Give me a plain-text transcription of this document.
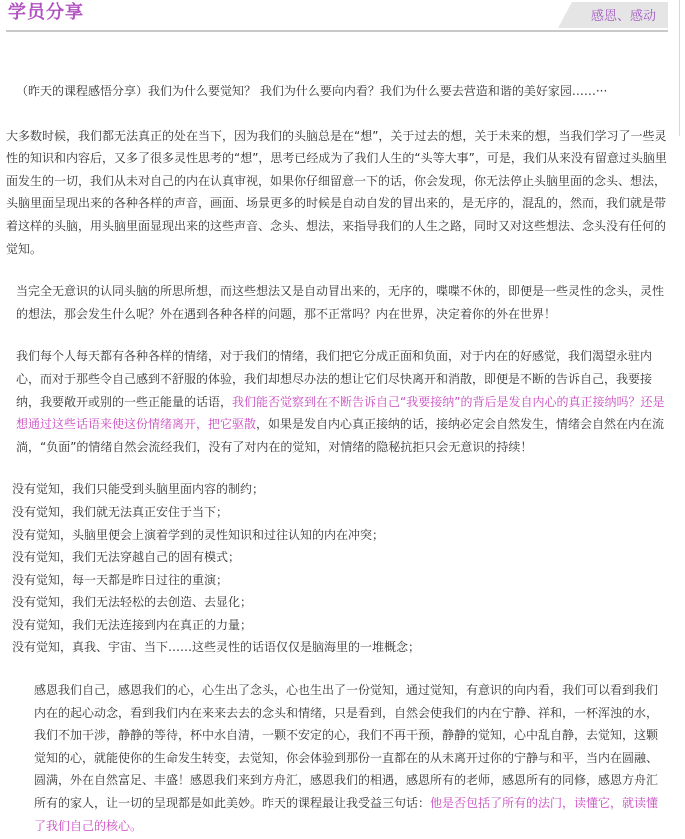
学员分享	感恩、感动

（昨天的课程感悟分享）我们为什么要觉知？ 我们为什么要向内看？我们为什么要去营造和谐的美好家园……···

大多数时候，我们都无法真正的处在当下，因为我们的头脑总是在“想”，关于过去的想，关于未来的想，当我们学习了一些灵性的知识和内容后，又多了很多灵性思考的“想”，思考已经成为了我们人生的“头等大事”，可是，我们从来没有留意过头脑里面发生的一切，我们从未对自己的内在认真审视，如果你仔细留意一下的话，你会发现，你无法停止头脑里面的念头、想法，头脑里面呈现出来的各种各样的声音，画面、场景更多的时候是自动自发的冒出来的，是无序的，混乱的，然而，我们就是带着这样的头脑，用头脑里面显现出来的这些声音、念头、想法，来指导我们的人生之路，同时又对这些想法、念头没有任何的觉知。

当完全无意识的认同头脑的所思所想，而这些想法又是自动冒出来的，无序的，喋喋不休的，即便是一些灵性的念头，灵性的想法，那会发生什么呢？外在遇到各种各样的问题，那不正常吗？内在世界，决定着你的外在世界！

我们每个人每天都有各种各样的情绪，对于我们的情绪，我们把它分成正面和负面，对于内在的好感觉，我们渴望永驻内心，而对于那些令自己感到不舒服的体验，我们却想尽办法的想让它们尽快离开和消散，即便是不断的告诉自己，我要接纳，我要敞开或别的一些正能量的话语，我们能否觉察到在不断告诉自己“我要接纳”的背后是发自内心的真正接纳吗？还是想通过这些话语来使这份情绪离开，把它驱散，如果是发自内心真正接纳的话，接纳必定会自然发生，情绪会自然在内在流淌，“负面”的情绪自然会流经我们，没有了对内在的觉知，对情绪的隐秘抗拒只会无意识的持续！

没有觉知，我们只能受到头脑里面内容的制约；

没有觉知，我们就无法真正安住于当下；

没有觉知，头脑里便会上演着学到的灵性知识和过往认知的内在冲突；

没有觉知，我们无法穿越自己的固有模式；

没有觉知，每一天都是昨日过往的重演；

没有觉知，我们无法轻松的去创造、去显化；

没有觉知，我们无法连接到内在真正的力量；

没有觉知，真我、宇宙、当下……这些灵性的话语仅仅是脑海里的一堆概念；

感恩我们自己，感恩我们的心，心生出了念头，心也生出了一份觉知，通过觉知，有意识的向内看，我们可以看到我们内在的起心动念，看到我们内在来来去去的念头和情绪，只是看到，自然会使我们的内在宁静、祥和，一杯浑浊的水，我们不加干涉，静静的等待，杯中水自清，一颗不安定的心，我们不再干预，静静的觉知，心中乱自静，去觉知，这颗觉知的心，就能使你的生命发生转变，去觉知，你会体验到那份一直都在的从未离开过你的宁静与和平，当内在圆融、圆满，外在自然富足、丰盛！感恩我们来到方舟汇，感恩我们的相遇，感恩所有的老师，感恩所有的同修，感恩方舟汇所有的家人，让一切的呈现都是如此美妙。昨天的课程最让我受益三句话：他是否包括了所有的法门，读懂它，就读懂了我们自己的核心。
